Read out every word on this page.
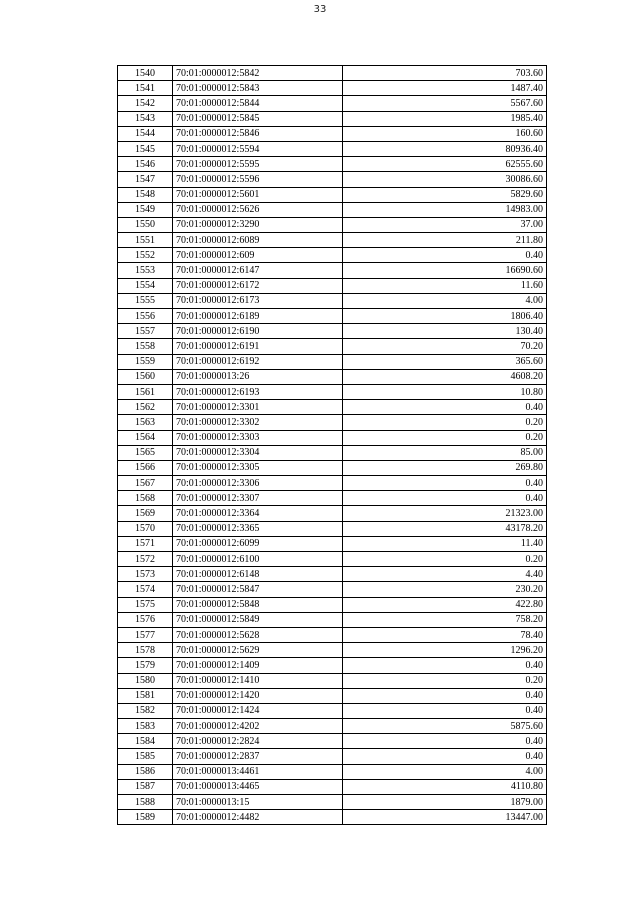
33
1540	70:01:0000012:5842	703.60
1541	70:01:0000012:5843	1487.40
1542	70:01:0000012:5844	5567.60
1543	70:01:0000012:5845	1985.40
1544	70:01:0000012:5846	160.60
1545	70:01:0000012:5594	80936.40
1546	70:01:0000012:5595	62555.60
1547	70:01:0000012:5596	30086.60
1548	70:01:0000012:5601	5829.60
1549	70:01:0000012:5626	14983.00
1550	70:01:0000012:3290	37.00
1551	70:01:0000012:6089	211.80
1552	70:01:0000012:609	0.40
1553	70:01:0000012:6147	16690.60
1554	70:01:0000012:6172	11.60
1555	70:01:0000012:6173	4.00
1556	70:01:0000012:6189	1806.40
1557	70:01:0000012:6190	130.40
1558	70:01:0000012:6191	70.20
1559	70:01:0000012:6192	365.60
1560	70:01:0000013:26	4608.20
1561	70:01:0000012:6193	10.80
1562	70:01:0000012:3301	0.40
1563	70:01:0000012:3302	0.20
1564	70:01:0000012:3303	0.20
1565	70:01:0000012:3304	85.00
1566	70:01:0000012:3305	269.80
1567	70:01:0000012:3306	0.40
1568	70:01:0000012:3307	0.40
1569	70:01:0000012:3364	21323.00
1570	70:01:0000012:3365	43178.20
1571	70:01:0000012:6099	11.40
1572	70:01:0000012:6100	0.20
1573	70:01:0000012:6148	4.40
1574	70:01:0000012:5847	230.20
1575	70:01:0000012:5848	422.80
1576	70:01:0000012:5849	758.20
1577	70:01:0000012:5628	78.40
1578	70:01:0000012:5629	1296.20
1579	70:01:0000012:1409	0.40
1580	70:01:0000012:1410	0.20
1581	70:01:0000012:1420	0.40
1582	70:01:0000012:1424	0.40
1583	70:01:0000012:4202	5875.60
1584	70:01:0000012:2824	0.40
1585	70:01:0000012:2837	0.40
1586	70:01:0000013:4461	4.00
1587	70:01:0000013:4465	4110.80
1588	70:01:0000013:15	1879.00
1589	70:01:0000012:4482	13447.00
